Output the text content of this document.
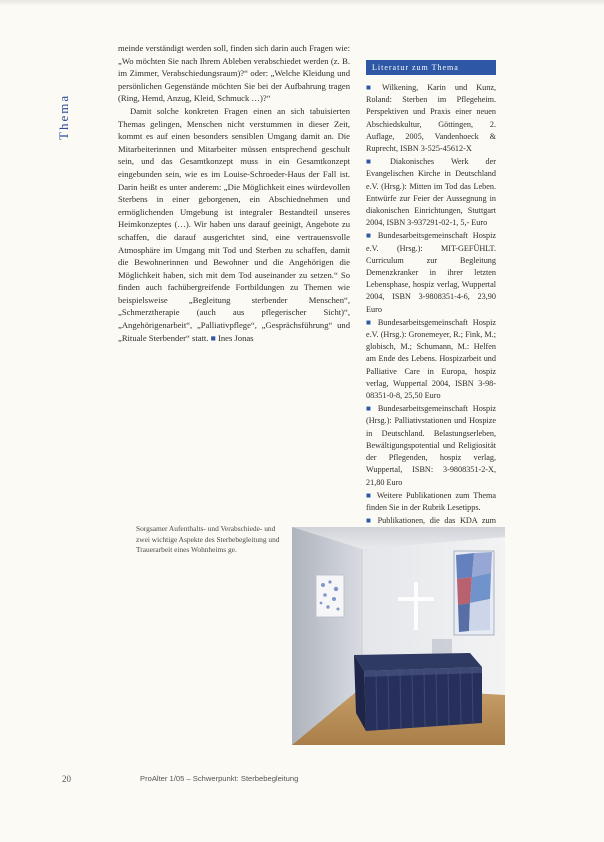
Thema

meinde verständigt werden soll, finden sich darin auch Fragen wie: „Wo möchten Sie nach Ihrem Ableben verabschiedet werden (z. B. im Zimmer, Verabschiedungsraum)?“ oder: „Welche Kleidung und persönlichen Gegenstände möchten Sie bei der Aufbahrung tragen (Ring, Hemd, Anzug, Kleid, Schmuck …)?“

Damit solche konkreten Fragen einen an sich tabuisierten Themas gelingen, Menschen nicht verstummen in dieser Zeit, kommt es auf einen besonders sensiblen Umgang damit an. Die Mitarbeiterinnen und Mitarbeiter müssen entsprechend geschult sein, und das Gesamtkonzept muss in ein Gesamtkonzept eingebunden sein, wie es im Louise-Schroeder-Haus der Fall ist. Darin heißt es unter anderem: „Die Möglichkeit eines würdevollen Sterbens in einer geborgenen, ein Abschiednehmen und ermöglichenden Umgebung ist integraler Bestandteil unseres Heimkonzeptes (…). Wir haben uns darauf geeinigt, Angebote zu schaffen, die darauf ausgerichtet sind, eine vertrauensvolle Atmosphäre im Umgang mit Tod und Sterben zu schaffen, damit die Bewohnerinnen und Bewohner und die Angehörigen die Möglichkeit haben, sich mit dem Tod auseinander zu setzen.“ So finden auch fachübergreifende Fortbildungen zu Themen wie beispielsweise „Begleitung sterbender Menschen“, „Schmerztherapie (auch aus pflegerischer Sicht)“, „Angehörigenarbeit“, „Palliativpflege“, „Gesprächsführung“ und „Rituale Sterbender“ statt. ■ Ines Jonas

Literatur zum Thema

■ Wilkening, Karin und Kunz, Roland: Sterben im Pflegeheim. Perspektiven und Praxis einer neuen Abschiedskultur, Göttingen, 2. Auflage, 2005, Vandenhoeck & Ruprecht, ISBN 3-525-45612-X

■ Diakonisches Werk der Evangelischen Kirche in Deutschland e.V. (Hrsg.): Mitten im Tod das Leben. Entwürfe zur Feier der Aussegnung in diakonischen Einrichtungen, Stuttgart 2004, ISBN 3-937291-02-1, 5,- Euro

■ Bundesarbeitsgemeinschaft Hospiz e.V. (Hrsg.): MIT-GEFÜHLT. Curriculum zur Begleitung Demenzkranker in ihrer letzten Lebensphase, hospiz verlag, Wuppertal 2004, ISBN 3-9808351-4-6, 23,90 Euro

■ Bundesarbeitsgemeinschaft Hospiz e.V. (Hrsg.): Gronemeyer, R.; Fink, M.; globisch, M.; Schumann, M.: Helfen am Ende des Lebens. Hospizarbeit und Palliative Care in Europa, hospiz verlag, Wuppertal 2004, ISBN 3-98-08351-0-8, 25,50 Euro

■ Bundesarbeitsgemeinschaft Hospiz (Hrsg.): Palliativstationen und Hospize in Deutschland. Belastungserleben, Bewältigungspotential und Religiosität der Pflegenden, hospiz verlag, Wuppertal, ISBN: 3-9808351-2-X, 21,80 Euro

■ Weitere Publikationen zum Thema finden Sie in der Rubrik Lesetipps.

■ Publikationen, die das KDA zum

Sorgsamer Aufenthalts- und Verabschiede- und zwei wichtige Aspekte des Sterbebegleitung und Trauerarbeit eines Wohnheims ge.
20	ProAlter 1/05 – Schwerpunkt: Sterbebegleitung
